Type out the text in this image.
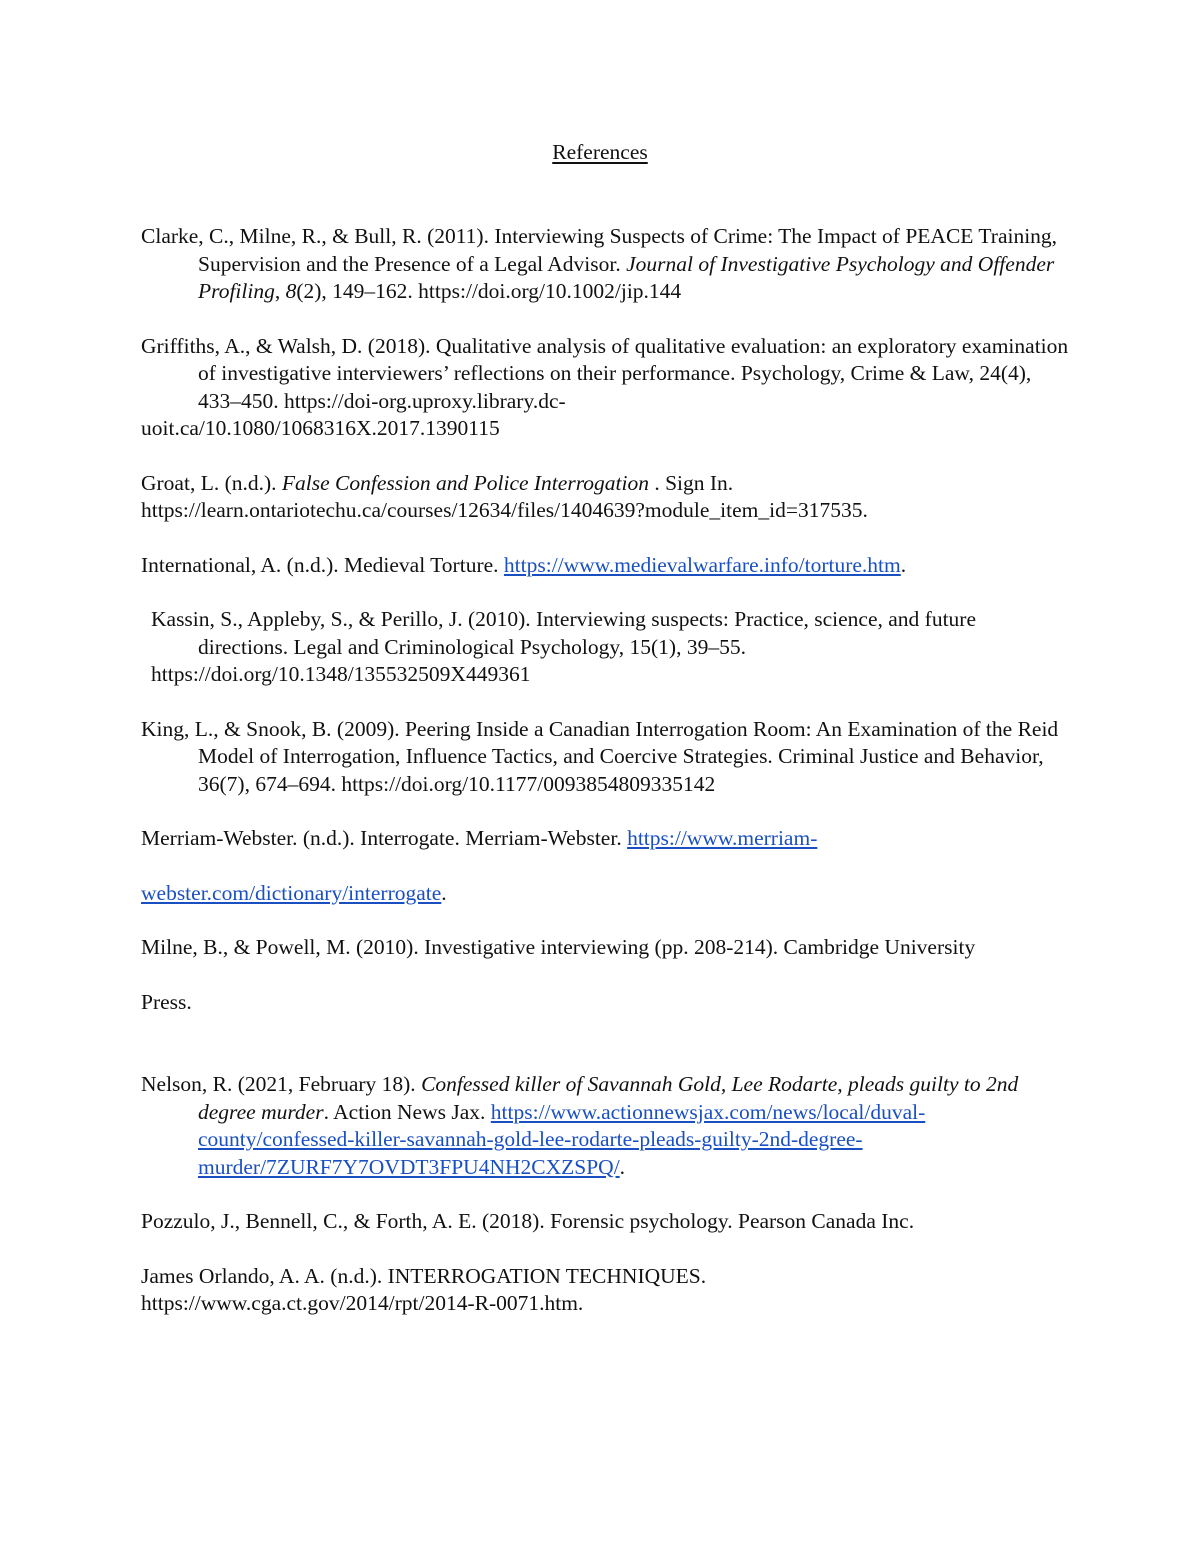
References

Clarke, C., Milne, R., & Bull, R. (2011). Interviewing Suspects of Crime: The Impact of PEACE Training, Supervision and the Presence of a Legal Advisor. Journal of Investigative Psychology and Offender Profiling, 8(2), 149–162. https://doi.org/10.1002/jip.144

Griffiths, A., & Walsh, D. (2018). Qualitative analysis of qualitative evaluation: an exploratory examination of investigative interviewers’ reflections on their performance. Psychology, Crime & Law, 24(4), 433–450. https://doi-org.uproxy.library.dc-
uoit.ca/10.1080/1068316X.2017.1390115

Groat, L. (n.d.). False Confession and Police Interrogation . Sign In.
https://learn.ontariotechu.ca/courses/12634/files/1404639?module_item_id=317535.

International, A. (n.d.). Medieval Torture. https://www.medievalwarfare.info/torture.htm.

Kassin, S., Appleby, S., & Perillo, J. (2010). Interviewing suspects: Practice, science, and future directions. Legal and Criminological Psychology, 15(1), 39–55.
https://doi.org/10.1348/135532509X449361

King, L., & Snook, B. (2009). Peering Inside a Canadian Interrogation Room: An Examination of the Reid Model of Interrogation, Influence Tactics, and Coercive Strategies. Criminal Justice and Behavior, 36(7), 674–694. https://doi.org/10.1177/0093854809335142

Merriam-Webster. (n.d.). Interrogate. Merriam-Webster. https://www.merriam-

webster.com/dictionary/interrogate.

Milne, B., & Powell, M. (2010). Investigative interviewing (pp. 208-214). Cambridge University

Press.

Nelson, R. (2021, February 18). Confessed killer of Savannah Gold, Lee Rodarte, pleads guilty to 2nd degree murder. Action News Jax. https://www.actionnewsjax.com/news/local/duval-county/confessed-killer-savannah-gold-lee-rodarte-pleads-guilty-2nd-degree-murder/7ZURF7Y7OVDT3FPU4NH2CXZSPQ/.

Pozzulo, J., Bennell, C., & Forth, A. E. (2018). Forensic psychology. Pearson Canada Inc.

James Orlando, A. A. (n.d.). INTERROGATION TECHNIQUES.
https://www.cga.ct.gov/2014/rpt/2014-R-0071.htm.
